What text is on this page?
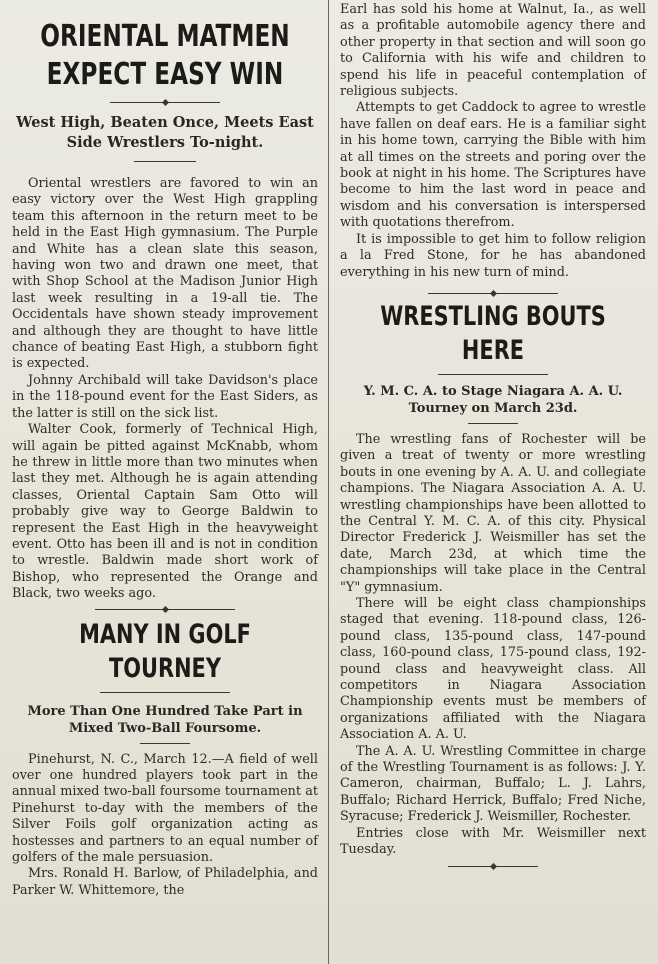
ORIENTAL MATMEN
EXPECT EASY WIN
West High, Beaten Once, Meets East Side Wrestlers To-night.

Oriental wrestlers are favored to win an easy victory over the West High grappling team this afternoon in the return meet to be held in the East High gymnasium. The Purple and White has a clean slate this season, having won two and drawn one meet, that with Shop School at the Madison Junior High last week resulting in a 19-all tie. The Occidentals have shown steady improvement and although they are thought to have little chance of beating East High, a stubborn fight is expected.

Johnny Archibald will take Davidson's place in the 118-pound event for the East Siders, as the latter is still on the sick list.

Walter Cook, formerly of Technical High, will again be pitted against McKnabb, whom he threw in little more than two minutes when last they met. Although he is again attending classes, Oriental Captain Sam Otto will probably give way to George Baldwin to represent the East High in the heavyweight event. Otto has been ill and is not in condition to wrestle. Baldwin made short work of Bishop, who represented the Orange and Black, two weeks ago.

MANY IN GOLF TOURNEY
More Than One Hundred Take Part in Mixed Two-Ball Foursome.

Pinehurst, N. C., March 12.—A field of well over one hundred players took part in the annual mixed two-ball foursome tournament at Pinehurst to-day with the members of the Silver Foils golf organization acting as hostesses and partners to an equal number of golfers of the male persuasion.

Mrs. Ronald H. Barlow, of Philadelphia, and Parker W. Whittemore, the

Earl has sold his home at Walnut, Ia., as well as a profitable automobile agency there and other property in that section and will soon go to California with his wife and children to spend his life in peaceful contemplation of religious subjects.

Attempts to get Caddock to agree to wrestle have fallen on deaf ears. He is a familiar sight in his home town, carrying the Bible with him at all times on the streets and poring over the book at night in his home. The Scriptures have become to him the last word in peace and wisdom and his conversation is interspersed with quotations therefrom.

It is impossible to get him to follow religion a la Fred Stone, for he has abandoned everything in his new turn of mind.

WRESTLING BOUTS HERE
Y. M. C. A. to Stage Niagara A. A. U. Tourney on March 23d.

The wrestling fans of Rochester will be given a treat of twenty or more wrestling bouts in one evening by A. A. U. and collegiate champions. The Niagara Association A. A. U. wrestling championships have been allotted to the Central Y. M. C. A. of this city. Physical Director Frederick J. Weismiller has set the date, March 23d, at which time the championships will take place in the Central "Y" gymnasium.

There will be eight class championships staged that evening. 118-pound class, 126-pound class, 135-pound class, 147-pound class, 160-pound class, 175-pound class, 192-pound class and heavyweight class. All competitors in Niagara Association Championship events must be members of organizations affiliated with the Niagara Association A. A. U.

The A. A. U. Wrestling Committee in charge of the Wrestling Tournament is as follows: J. Y. Cameron, chairman, Buffalo; L. J. Lahrs, Buffalo; Richard Herrick, Buffalo; Fred Niche, Syracuse; Frederick J. Weismiller, Rochester.

Entries close with Mr. Weismiller next Tuesday.
